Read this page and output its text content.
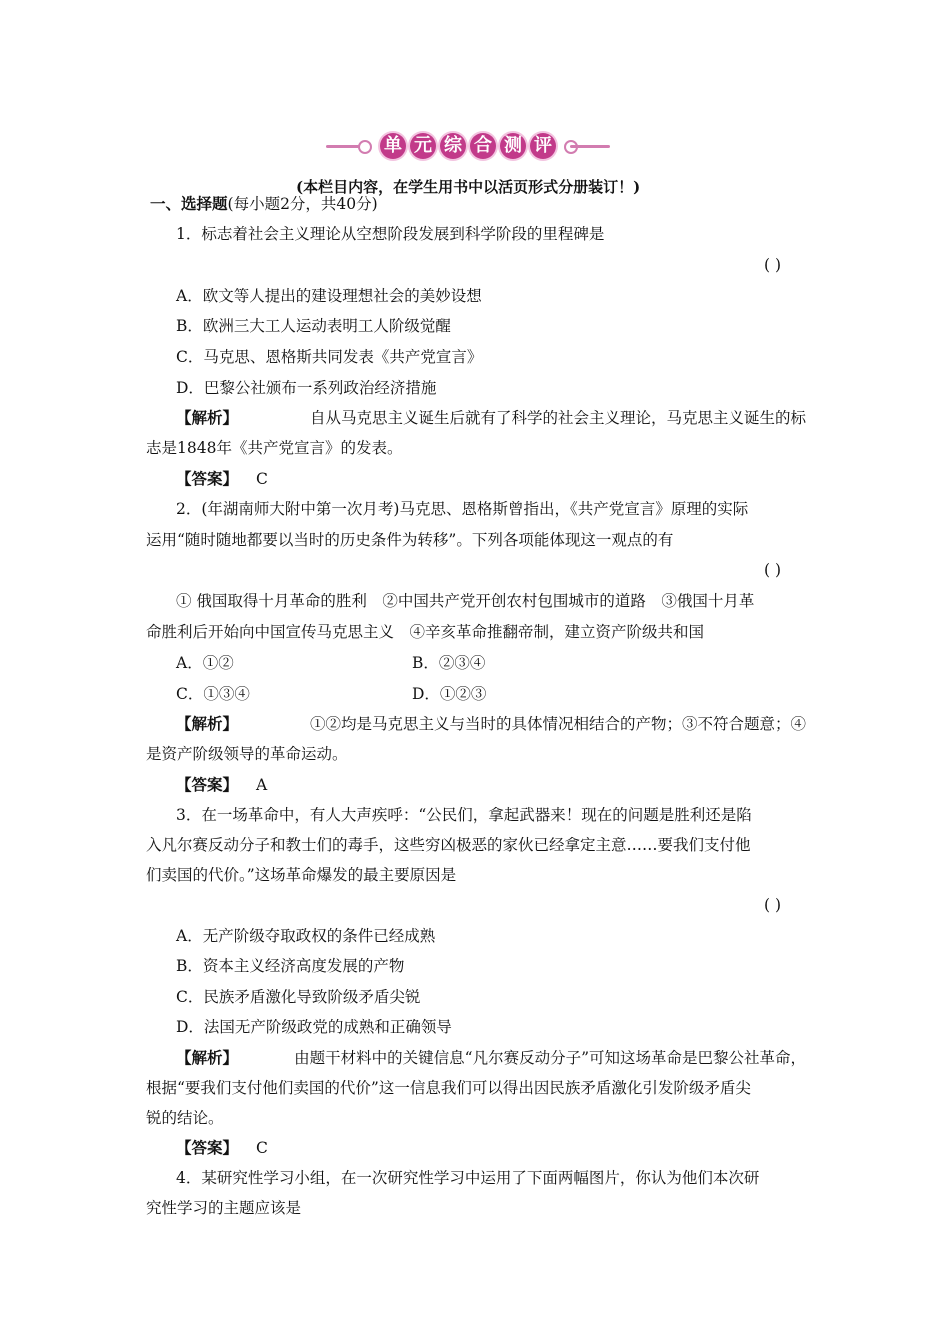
单 元 综 合 测 评
(本栏目内容，在学生用书中以活页形式分册装订！)
一、选择题(每小题2分，共40分)
1．标志着社会主义理论从空想阶段发展到科学阶段的里程碑是
( )
A．欧文等人提出的建设理想社会的美妙设想
B．欧洲三大工人运动表明工人阶级觉醒
C．马克思、恩格斯共同发表《共产党宣言》
D．巴黎公社颁布一系列政治经济措施
【解析】	自从马克思主义诞生后就有了科学的社会主义理论，马克思主义诞生的标
志是1848年《共产党宣言》的发表。
【答案】 C
2．(年湖南师大附中第一次月考)马克思、恩格斯曾指出，《共产党宣言》原理的实际
运用“随时随地都要以当时的历史条件为转移”。下列各项能体现这一观点的有
( )
① 俄国取得十月革命的胜利　②中国共产党开创农村包围城市的道路　③俄国十月革
命胜利后开始向中国宣传马克思主义　④辛亥革命推翻帝制，建立资产阶级共和国
A．①②	B．②③④
C．①③④	D．①②③
【解析】	①②均是马克思主义与当时的具体情况相结合的产物；③不符合题意；④
是资产阶级领导的革命运动。
【答案】 A
3．在一场革命中，有人大声疾呼：“公民们，拿起武器来！现在的问题是胜利还是陷
入凡尔赛反动分子和教士们的毒手，这些穷凶极恶的家伙已经拿定主意……要我们支付他
们卖国的代价。”这场革命爆发的最主要原因是
( )
A．无产阶级夺取政权的条件已经成熟
B．资本主义经济高度发展的产物
C．民族矛盾激化导致阶级矛盾尖锐
D．法国无产阶级政党的成熟和正确领导
【解析】	由题干材料中的关键信息“凡尔赛反动分子”可知这场革命是巴黎公社革命，
根据“要我们支付他们卖国的代价”这一信息我们可以得出因民族矛盾激化引发阶级矛盾尖
锐的结论。
【答案】 C
4．某研究性学习小组，在一次研究性学习中运用了下面两幅图片，你认为他们本次研
究性学习的主题应该是
